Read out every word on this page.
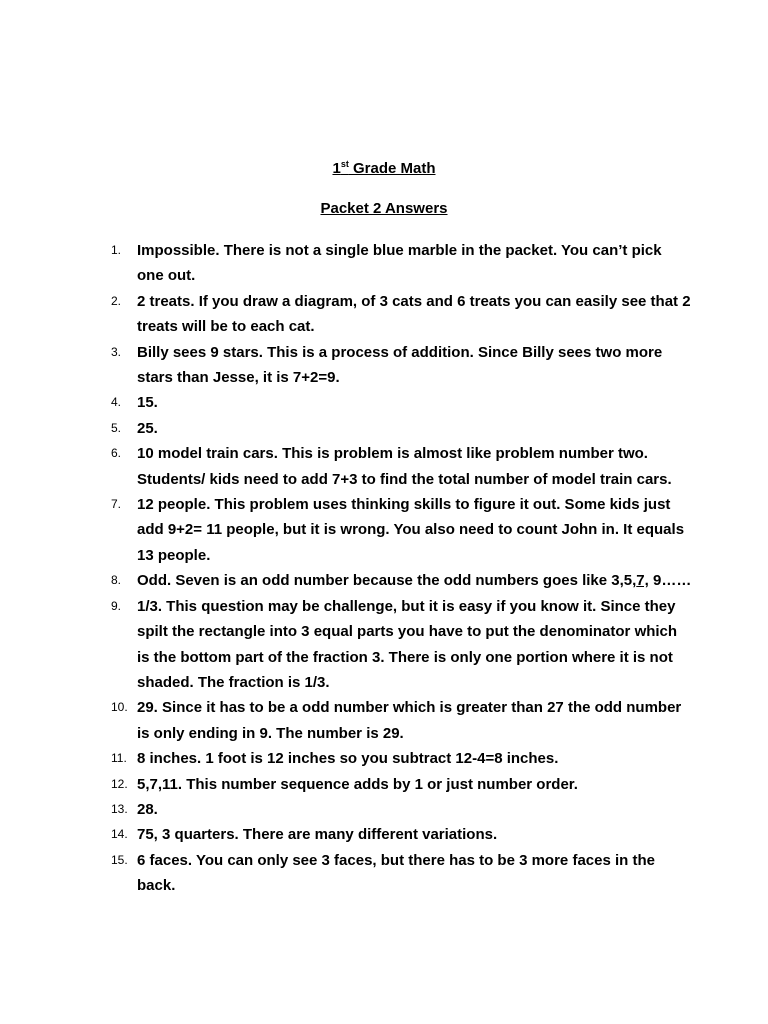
1st Grade Math
Packet 2 Answers
1. Impossible. There is not a single blue marble in the packet. You can’t pick one out.
2. 2 treats. If you draw a diagram, of 3 cats and 6 treats you can easily see that 2 treats will be to each cat.
3. Billy sees 9 stars. This is a process of addition. Since Billy sees two more stars than Jesse, it is 7+2=9.
4. 15.
5. 25.
6. 10 model train cars. This is problem is almost like problem number two. Students/ kids need to add 7+3 to find the total number of model train cars.
7. 12 people. This problem uses thinking skills to figure it out. Some kids just add 9+2= 11 people, but it is wrong. You also need to count John in. It equals 13 people.
8. Odd. Seven is an odd number because the odd numbers goes like 3,5,7, 9……
9. 1/3. This question may be challenge, but it is easy if you know it. Since they spilt the rectangle into 3 equal parts you have to put the denominator which is the bottom part of the fraction 3. There is only one portion where it is not shaded. The fraction is 1/3.
10. 29. Since it has to be a odd number which is greater than 27 the odd number is only ending in 9. The number is 29.
11. 8 inches. 1 foot is 12 inches so you subtract 12-4=8 inches.
12. 5,7,11. This number sequence adds by 1 or just number order.
13. 28.
14. 75, 3 quarters. There are many different variations.
15. 6 faces. You can only see 3 faces, but there has to be 3 more faces in the back.
